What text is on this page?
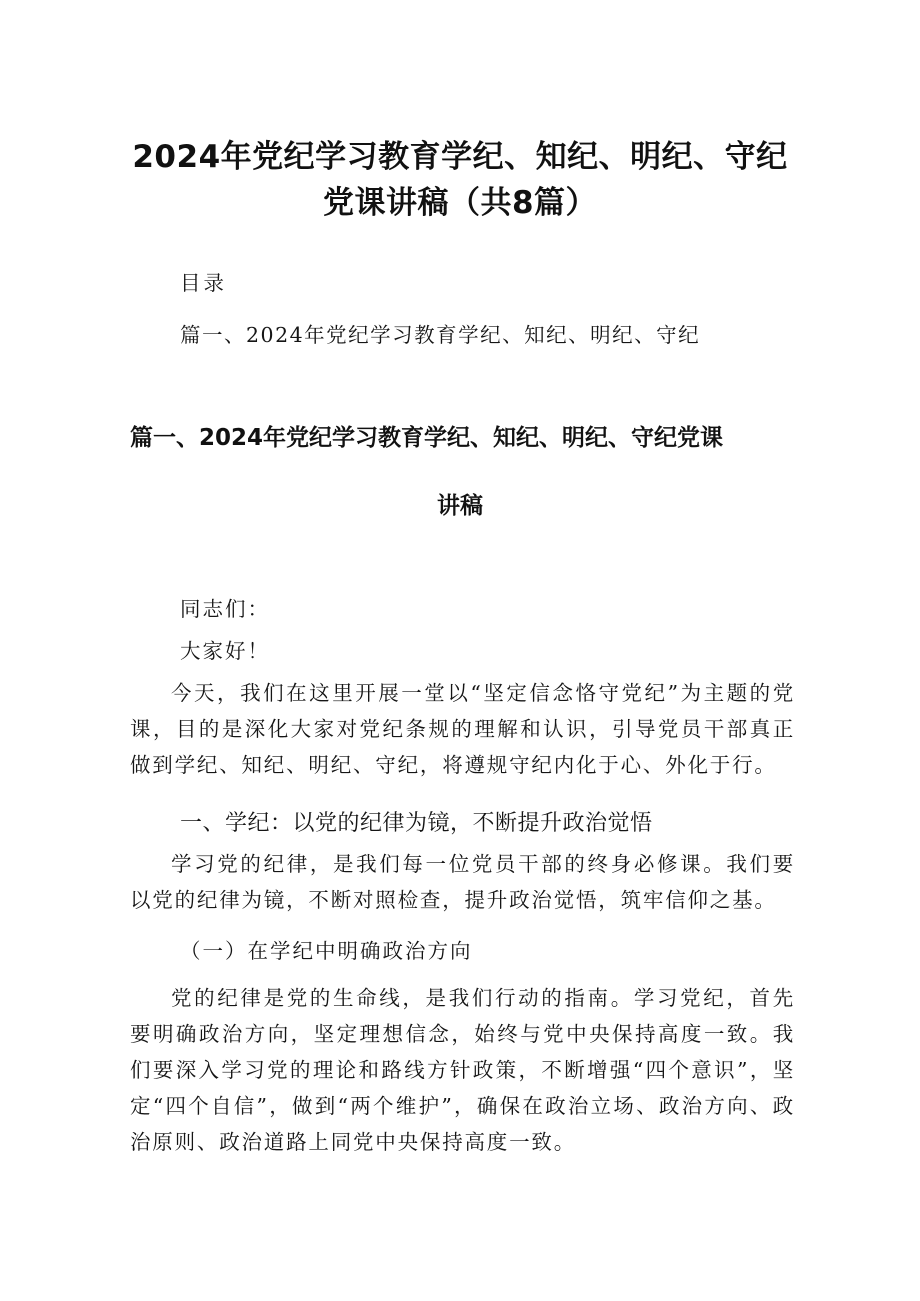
2024年党纪学习教育学纪、知纪、明纪、守纪党课讲稿（共8篇）
目录
篇一、2024年党纪学习教育学纪、知纪、明纪、守纪
篇一、2024年党纪学习教育学纪、知纪、明纪、守纪党课
讲稿
同志们：
大家好！

今天，我们在这里开展一堂以“坚定信念恪守党纪”为主题的党课，目的是深化大家对党纪条规的理解和认识，引导党员干部真正做到学纪、知纪、明纪、守纪，将遵规守纪内化于心、外化于行。

一、学纪：以党的纪律为镜，不断提升政治觉悟

学习党的纪律，是我们每一位党员干部的终身必修课。我们要以党的纪律为镜，不断对照检查，提升政治觉悟，筑牢信仰之基。

（一）在学纪中明确政治方向

党的纪律是党的生命线，是我们行动的指南。学习党纪，首先要明确政治方向，坚定理想信念，始终与党中央保持高度一致。我们要深入学习党的理论和路线方针政策，不断增强“四个意识”，坚定“四个自信”，做到“两个维护”，确保在政治立场、政治方向、政治原则、政治道路上同党中央保持高度一致。
